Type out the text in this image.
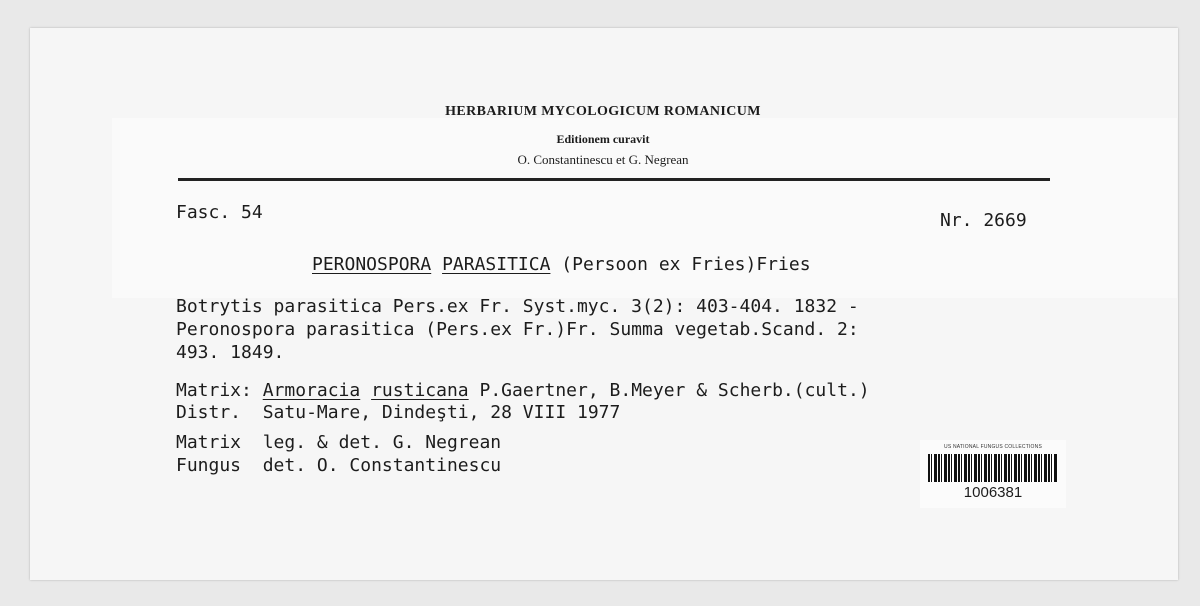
HERBARIUM MYCOLOGICUM ROMANICUM
Editionem curavit
O. Constantinescu et G. Negrean
Fasc. 54	Nr. 2669
PERONOSPORA PARASITICA (Persoon ex Fries)Fries
Botrytis parasitica Pers.ex Fr. Syst.myc. 3(2): 403-404. 1832 -
Peronospora parasitica (Pers.ex Fr.)Fr. Summa vegetab.Scand. 2:
493. 1849.
Matrix: Armoracia rusticana P.Gaertner, B.Meyer & Scherb.(cult.)
Distr. Satu-Mare, Dindeşti, 28 VIII 1977
Matrix leg. & det. G. Negrean
Fungus det. O. Constantinescu
US NATIONAL FUNGUS COLLECTIONS
1006381
